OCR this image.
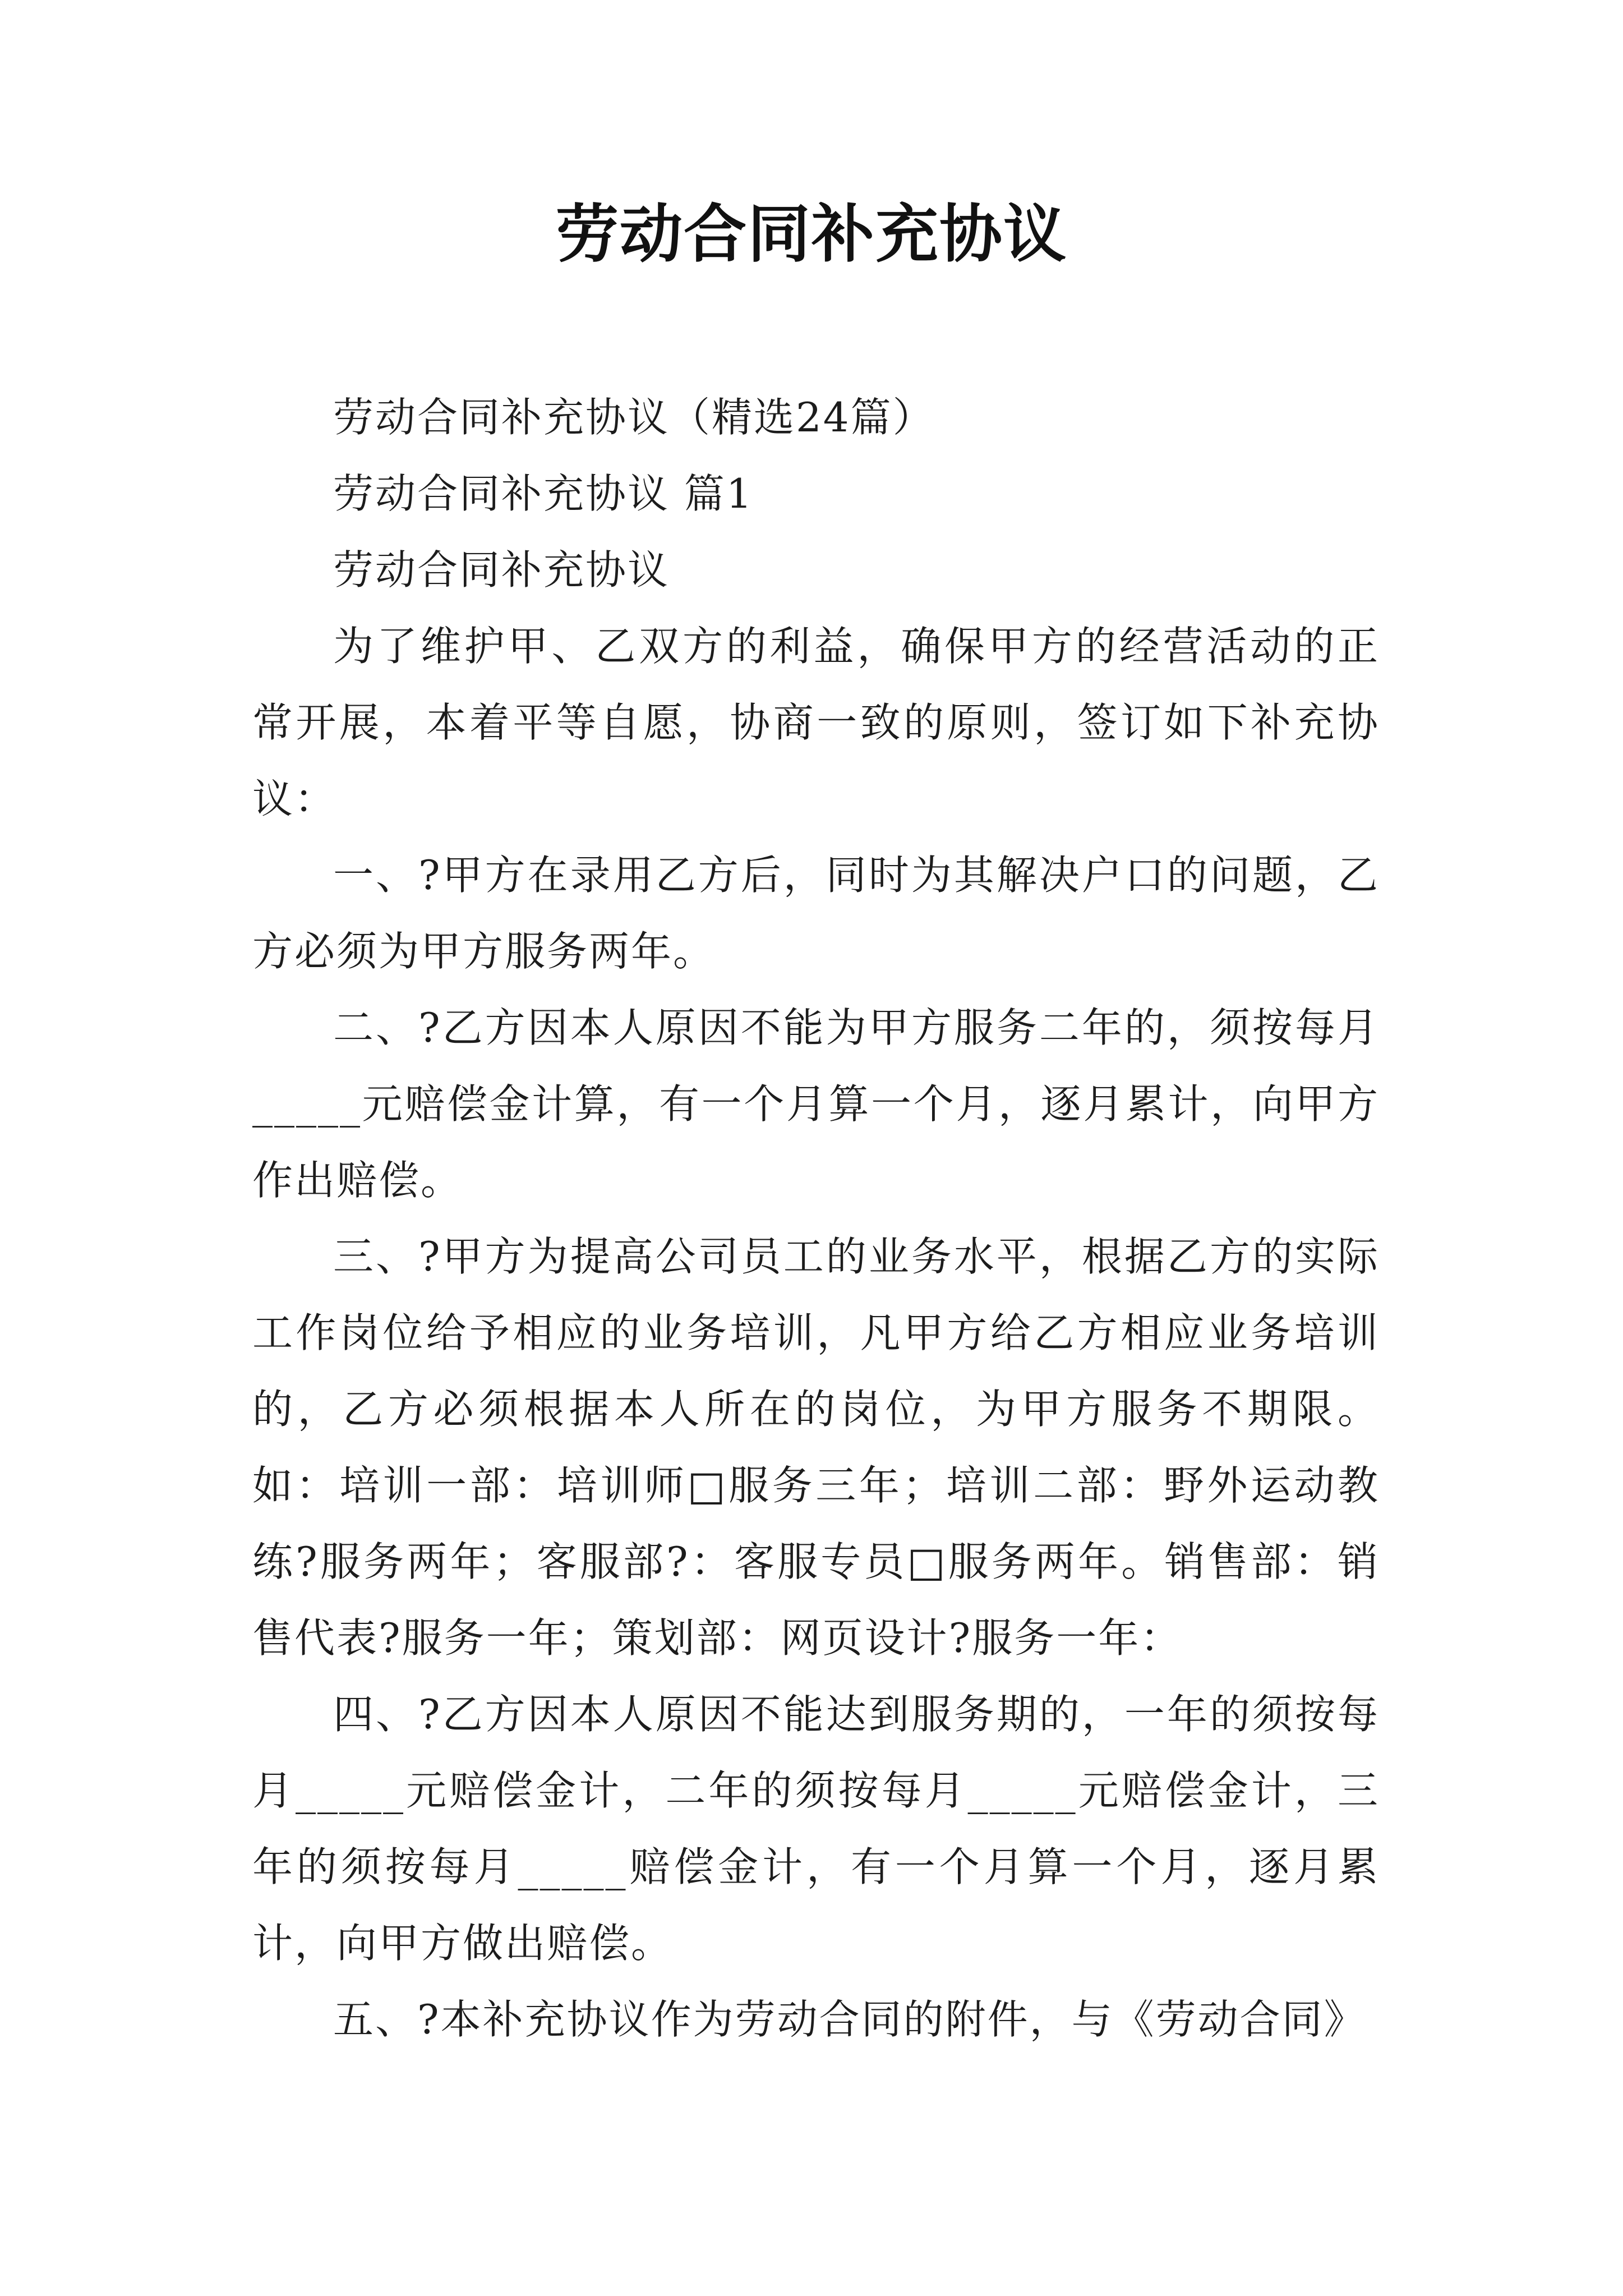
劳动合同补充协议

劳动合同补充协议（精选24篇）

劳动合同补充协议 篇1

劳动合同补充协议

为了维护甲、乙双方的利益，确保甲方的经营活动的正常开展，本着平等自愿，协商一致的原则，签订如下补充协议：

一、?甲方在录用乙方后，同时为其解决户口的问题，乙方必须为甲方服务两年。

二、?乙方因本人原因不能为甲方服务二年的，须按每月_____元赔偿金计算，有一个月算一个月，逐月累计，向甲方作出赔偿。

三、?甲方为提高公司员工的业务水平，根据乙方的实际工作岗位给予相应的业务培训，凡甲方给乙方相应业务培训的，乙方必须根据本人所在的岗位，为甲方服务不期限。如：培训一部：培训师□服务三年；培训二部：野外运动教练?服务两年；客服部?：客服专员□服务两年。销售部：销售代表?服务一年；策划部：网页设计?服务一年：

四、?乙方因本人原因不能达到服务期的，一年的须按每月_____元赔偿金计，二年的须按每月_____元赔偿金计，三年的须按每月_____赔偿金计，有一个月算一个月，逐月累计，向甲方做出赔偿。

五、?本补充协议作为劳动合同的附件，与《劳动合同》
